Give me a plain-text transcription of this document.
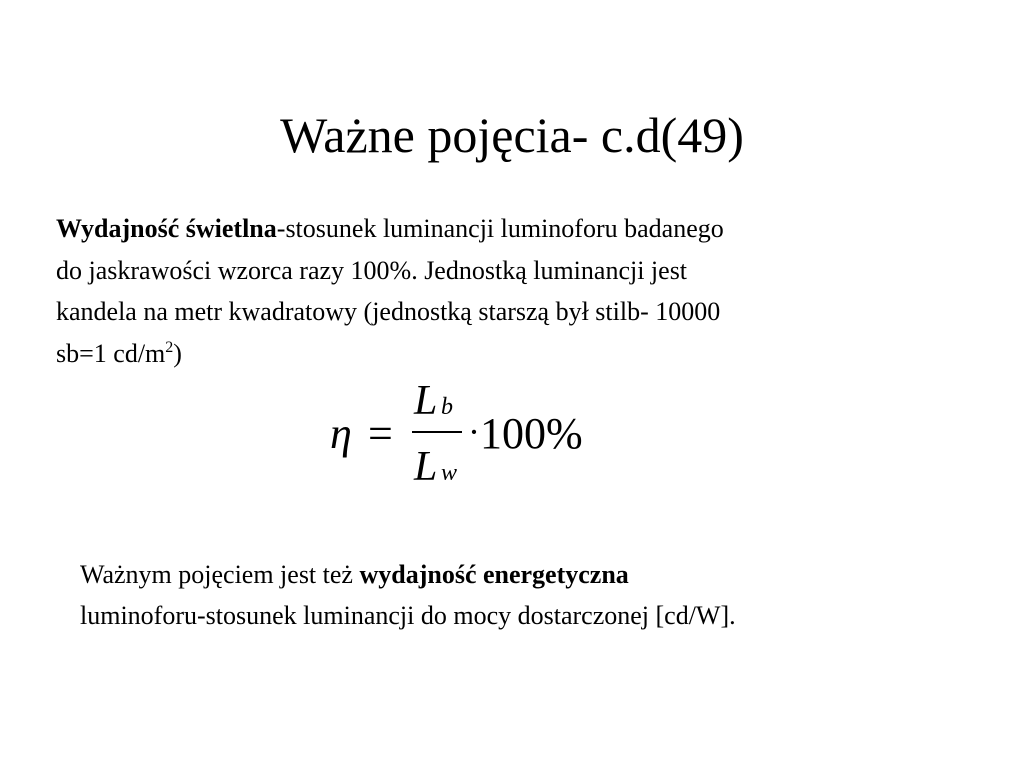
Ważne pojęcia- c.d(49)
Wydajność świetlna-stosunek luminancji luminoforu badanego
do jaskrawości wzorca razy 100%. Jednostką luminancji jest
kandela na metr kwadratowy (jednostką starszą był stilb- 10000
sb=1 $cd/m^2$)
η =
L b
L w
· 100%
Ważnym pojęciem jest też wydajność energetyczna
luminoforu-stosunek luminancji do mocy dostarczonej [cd/W].
